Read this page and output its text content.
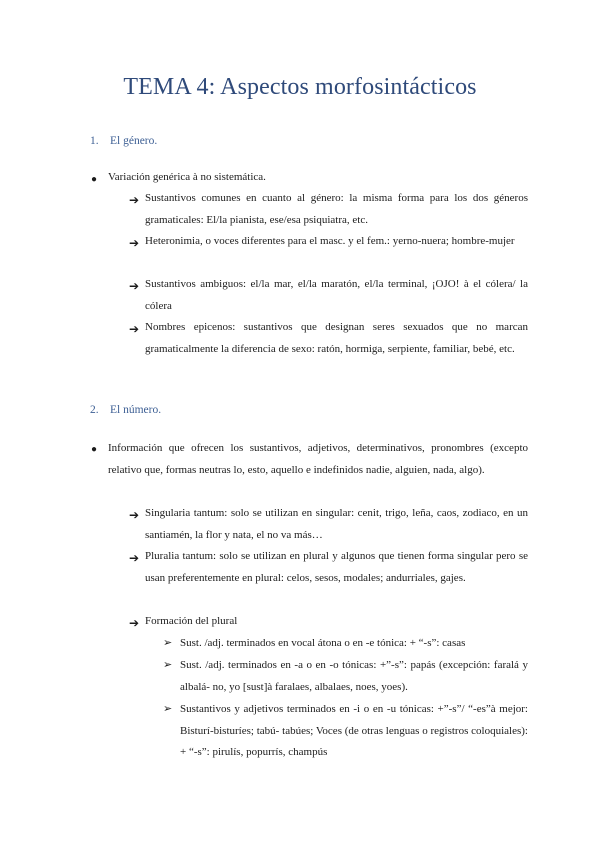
TEMA 4: Aspectos morfosintácticos
1. El género.
● Variación genérica à no sistemática.
➔ Sustantivos comunes en cuanto al género: la misma forma para los dos géneros gramaticales: El/la pianista, ese/esa psiquiatra, etc.
➔ Heteronimia, o voces diferentes para el masc. y el fem.: yerno-nuera; hombre-mujer
➔ Sustantivos ambiguos: el/la mar, el/la maratón, el/la terminal, ¡OJO! à el cólera/ la cólera
➔ Nombres epicenos: sustantivos que designan seres sexuados que no marcan gramaticalmente la diferencia de sexo: ratón, hormiga, serpiente, familiar, bebé, etc.
2. El número.
● Información que ofrecen los sustantivos, adjetivos, determinativos, pronombres (excepto relativo que, formas neutras lo, esto, aquello e indefinidos nadie, alguien, nada, algo).
➔ Singularia tantum: solo se utilizan en singular: cenit, trigo, leña, caos, zodiaco, en un santiamén, la flor y nata, el no va más…
➔ Pluralia tantum: solo se utilizan en plural y algunos que tienen forma singular pero se usan preferentemente en plural: celos, sesos, modales; andurriales, gajes.
➔ Formación del plural
➢ Sust. /adj. terminados en vocal átona o en -e tónica: + “-s”: casas
➢ Sust. /adj. terminados en -a o en -o tónicas: +”-s”: papás (excepción: faralá y albalá- no, yo [sust]à faralaes, albalaes, noes, yoes).
➢ Sustantivos y adjetivos terminados en -i o en -u tónicas: +”-s”/ “-es”à mejor: Bisturí-bisturíes; tabú- tabúes; Voces (de otras lenguas o registros coloquiales): + “-s”: pirulís, popurrís, champús
